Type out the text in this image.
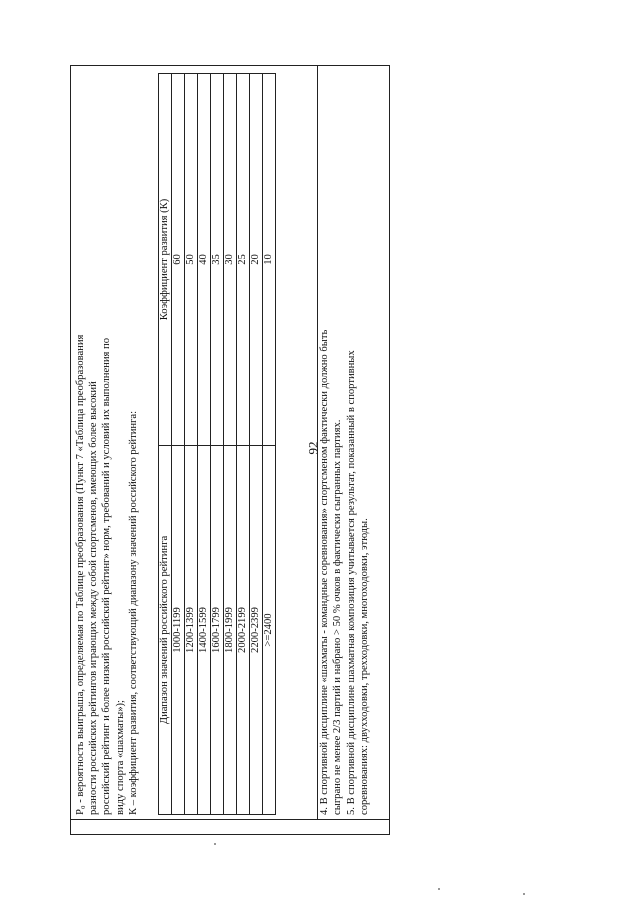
92

Р₀ - вероятность выигрыша, определяемая по Таблице преобразования (Пункт 7 «Таблица преобразования разности российских рейтингов играющих между собой спортсменов, имеющих более высокий российский рейтинг и более низкий российский рейтинг» норм, требований и условий их выполнения по виду спорта «шахматы»); К – коэффициент развития, соответствующий диапазону значений российского рейтинга: Диапазон значений российского рейтинга	Коэффициент развития (К)
1000-1199	60
1200-1399	50
1400-1599	40
1600-1799	35
1800-1999	30
2000-2199	25
2200-2399	20
>=2400	10

4. В спортивной дисциплине «шахматы - командные соревнования» спортсменом фактически должно быть сыграно не менее 2/3 партий и набрано > 50 % очков в фактически сыгранных партиях. 5. В спортивной дисциплине шахматная композиция учитывается результат, показанный в спортивных соревнованиях: двухходовки, трехходовки, многоходовки, этюды.
